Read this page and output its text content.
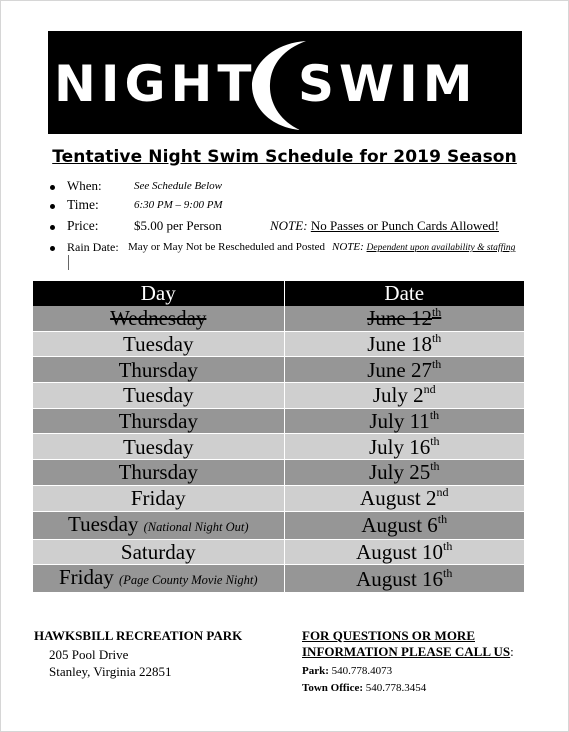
NIGHT SWIM
Tentative Night Swim Schedule for 2019 Season
When:	See Schedule Below
Time:	6:30 PM – 9:00 PM
Price:	$5.00 per Person	NOTE: No Passes or Punch Cards Allowed!
Rain Date: May or May Not be Rescheduled and Posted NOTE: Dependent upon availability & staffing
Day	Date
Wednesday	June 12th
Tuesday	June 18th
Thursday	June 27th
Tuesday	July 2nd
Thursday	July 11th
Tuesday	July 16th
Thursday	July 25th
Friday	August 2nd
Tuesday (National Night Out)	August 6th
Saturday	August 10th
Friday (Page County Movie Night)	August 16th
HAWKSBILL RECREATION PARK
205 Pool Drive
Stanley, Virginia 22851
FOR QUESTIONS OR MORE
INFORMATION PLEASE CALL US:
Park: 540.778.4073
Town Office: 540.778.3454
